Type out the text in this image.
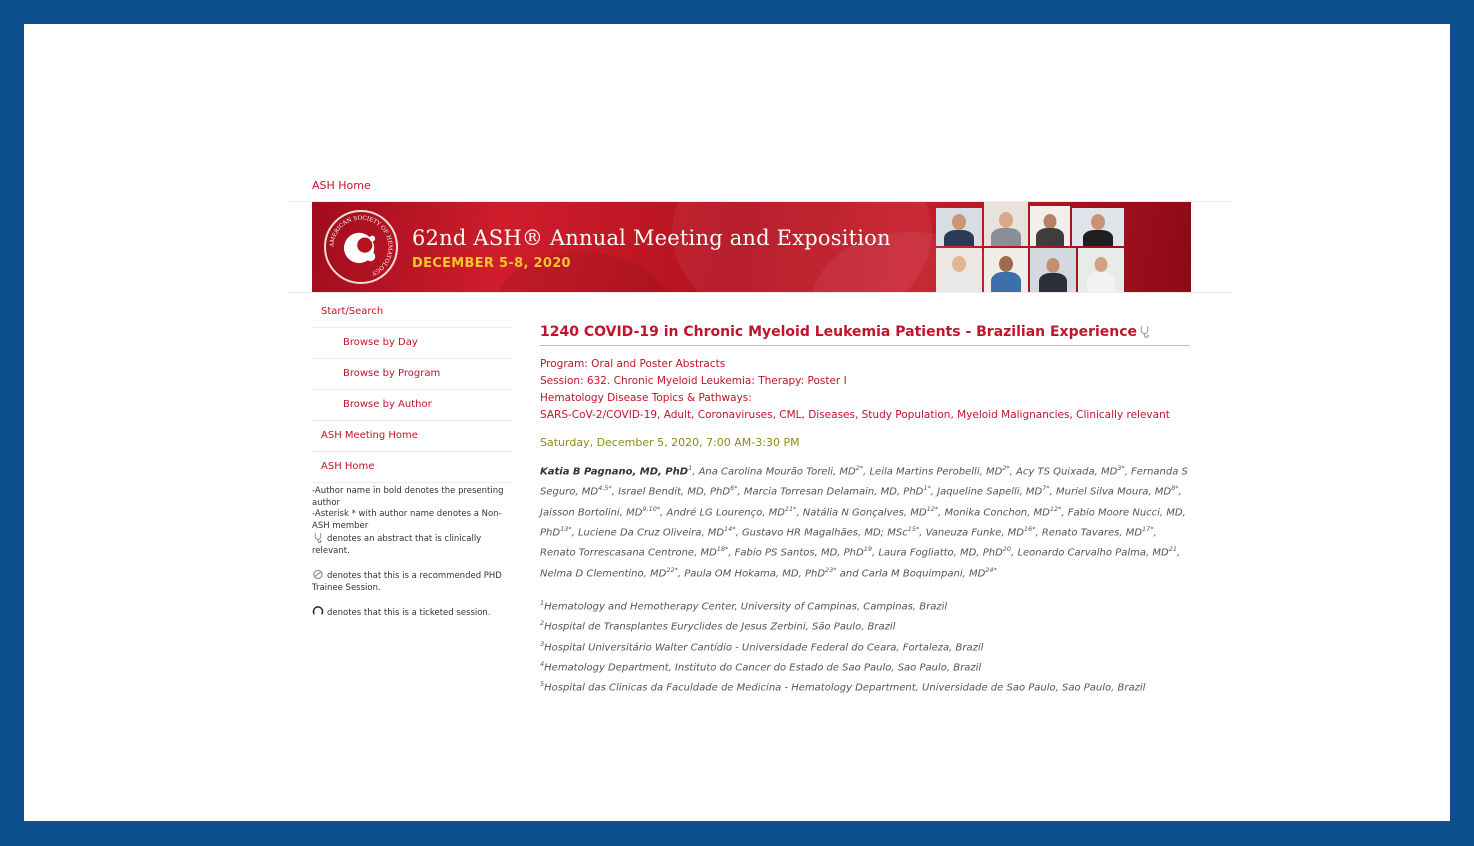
ASH Home
AMERICAN SOCIETY OF HEMATOLOGY
62nd ASH® Annual Meeting and Exposition
DECEMBER 5-8, 2020
Start/Search
Browse by Day
Browse by Program
Browse by Author
ASH Meeting Home
ASH Home
-Author name in bold denotes the presenting author
-Asterisk * with author name denotes a Non-ASH member
denotes an abstract that is clinically relevant.
denotes that this is a recommended PHD Trainee Session.
denotes that this is a ticketed session.
1240 COVID-19 in Chronic Myeloid Leukemia Patients - Brazilian Experience
Program: Oral and Poster Abstracts
Session: 632. Chronic Myeloid Leukemia: Therapy: Poster I
Hematology Disease Topics & Pathways:
SARS-CoV-2/COVID-19, Adult, Coronaviruses, CML, Diseases, Study Population, Myeloid Malignancies, Clinically relevant
Saturday, December 5, 2020, 7:00 AM-3:30 PM
Katia B Pagnano, MD, PhD$^1$, Ana Carolina Mourão Toreli, $MD^{2*}$, Leila Martins Perobelli, $MD^{2*}$, Acy TS Quixada, $MD^{3*}$, Fernanda S Seguro, $MD^{4,5*}$, Israel Bendit, MD, PhD$^{6*}$, Marcia Torresan Delamain, MD, PhD$^{1*}$, Jaqueline Sapelli, $MD^{7*}$, Muriel Silva Moura, $MD^{8*}$, Jaisson Bortolini, $MD^{9,10*}$, André LG Lourenço, $MD^{11*}$, Natália N Gonçalves, $MD^{12*}$, Monika Conchon, $MD^{12*}$, Fabio Moore Nucci, MD, PhD$^{13*}$, Luciene Da Cruz Oliveira, $MD^{14*}$, Gustavo HR Magalhães, MD; MSc$^{15*}$, Vaneuza Funke, $MD^{16*}$, Renato Tavares, $MD^{17*}$, Renato Torrescasana Centrone, $MD^{18*}$, Fabio PS Santos, MD, PhD$^{19}$, Laura Fogliatto, MD, PhD$^{20}$, Leonardo Carvalho Palma, MD$^{21}$, Nelma D Clementino, $MD^{22*}$, Paula OM Hokama, MD, PhD$^{23*}$ and Carla M Boquimpani, $MD^{24*}$
$^1$Hematology and Hemotherapy Center, University of Campinas, Campinas, Brazil
$^2$Hospital de Transplantes Euryclides de Jesus Zerbini, São Paulo, Brazil
$^3$Hospital Universitário Walter Cantídio - Universidade Federal do Ceara, Fortaleza, Brazil
$^4$Hematology Department, Instituto do Cancer do Estado de Sao Paulo, Sao Paulo, Brazil
$^5$Hospital das Clinicas da Faculdade de Medicina - Hematology Department, Universidade de Sao Paulo, Sao Paulo, Brazil
